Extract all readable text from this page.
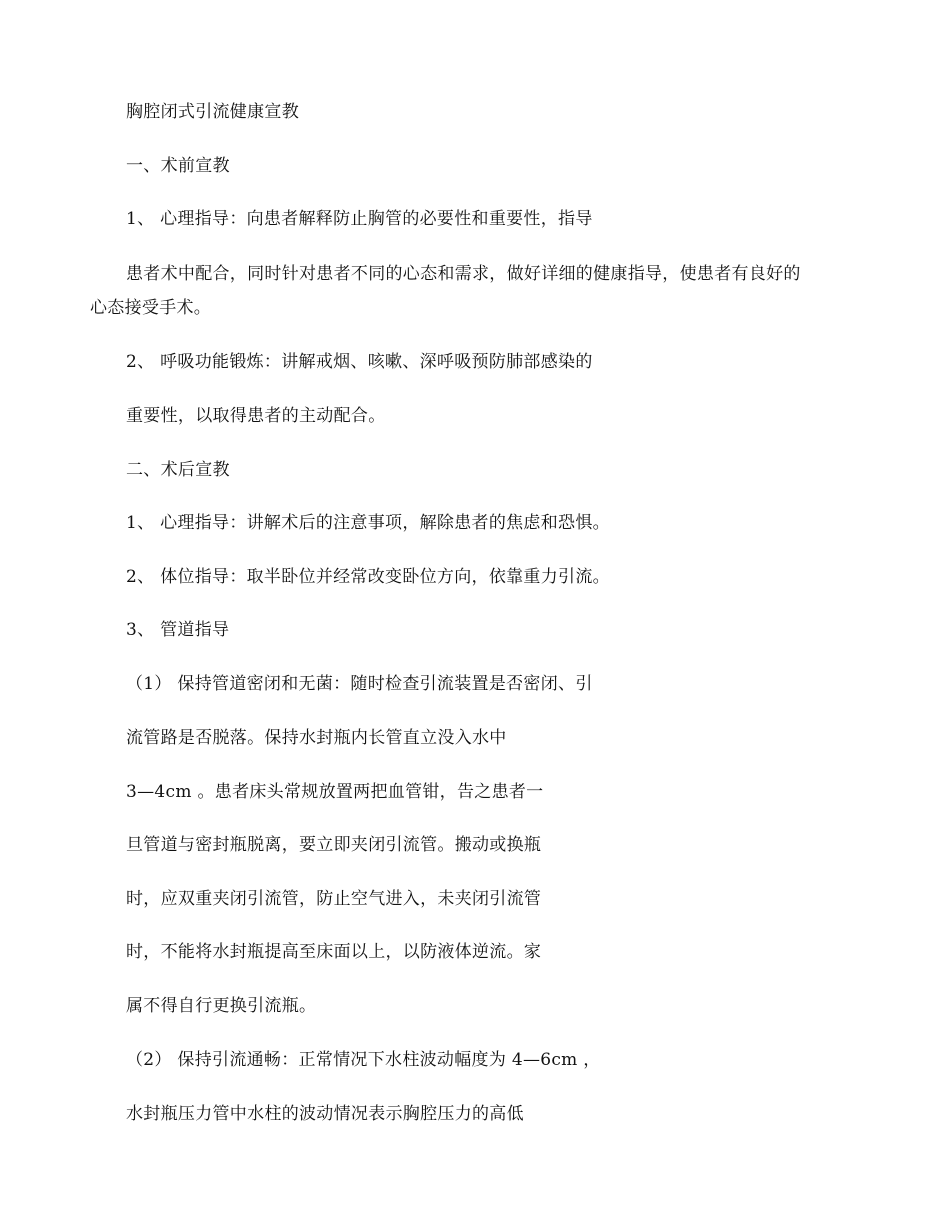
胸腔闭式引流健康宣教
一、术前宣教
1、 心理指导：向患者解释防止胸管的必要性和重要性，指导
患者术中配合，同时针对患者不同的心态和需求，做好详细的健康指导，使患者有良好的
心态接受手术。
2、 呼吸功能锻炼：讲解戒烟、咳嗽、深呼吸预防肺部感染的
重要性，以取得患者的主动配合。
二、术后宣教
1、 心理指导：讲解术后的注意事项，解除患者的焦虑和恐惧。
2、 体位指导：取半卧位并经常改变卧位方向，依靠重力引流。
3、 管道指导
（1） 保持管道密闭和无菌：随时检查引流装置是否密闭、引
流管路是否脱落。保持水封瓶内长管直立没入水中
3—4cm 。患者床头常规放置两把血管钳，告之患者一
旦管道与密封瓶脱离，要立即夹闭引流管。搬动或换瓶
时，应双重夹闭引流管，防止空气进入，未夹闭引流管
时，不能将水封瓶提高至床面以上，以防液体逆流。家
属不得自行更换引流瓶。
（2） 保持引流通畅：正常情况下水柱波动幅度为 4—6cm ，
水封瓶压力管中水柱的波动情况表示胸腔压力的高低
